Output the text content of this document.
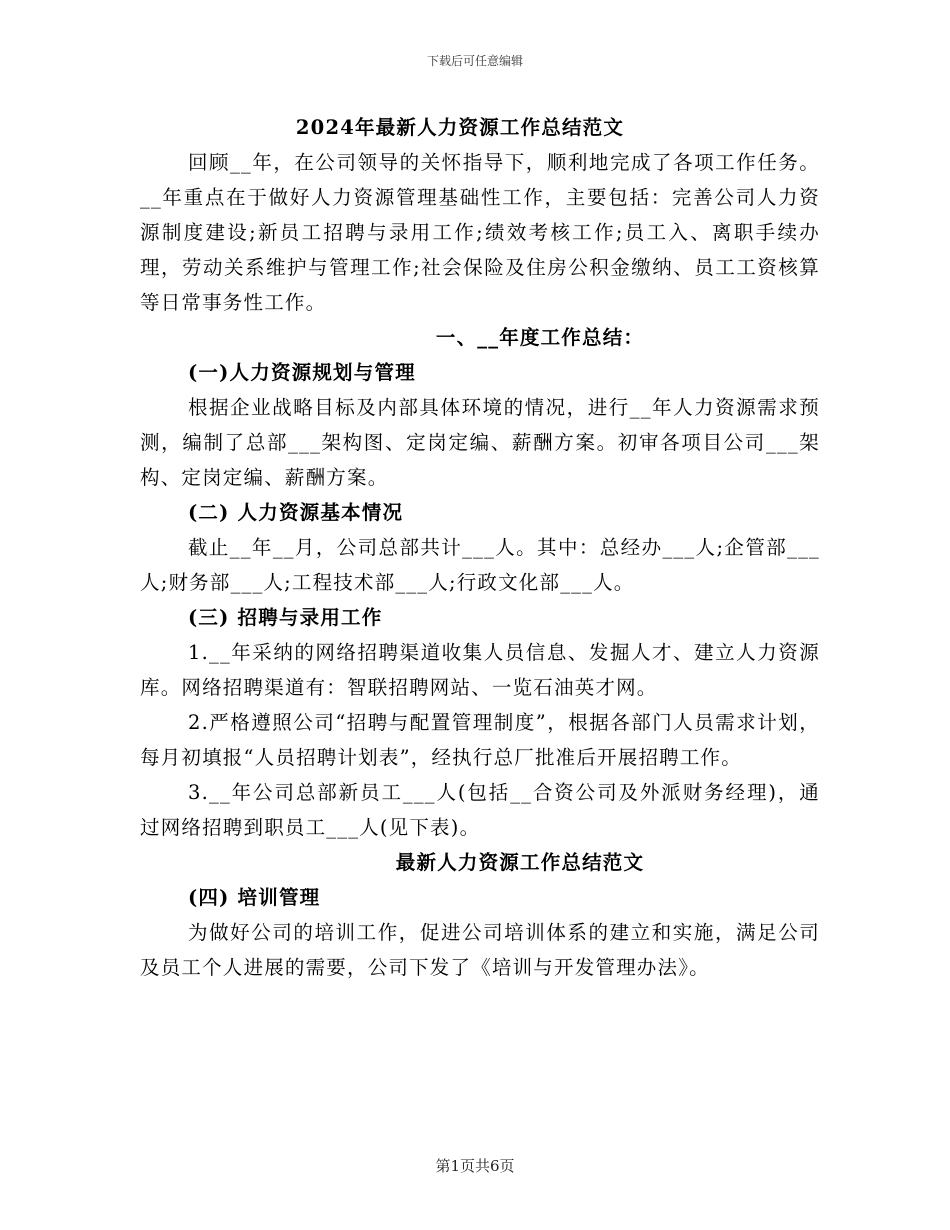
下载后可任意编辑
2024年最新人力资源工作总结范文

回顾__年，在公司领导的关怀指导下，顺利地完成了各项工作任务。__年重点在于做好人力资源管理基础性工作，主要包括：完善公司人力资源制度建设;新员工招聘与录用工作;绩效考核工作;员工入、离职手续办理，劳动关系维护与管理工作;社会保险及住房公积金缴纳、员工工资核算等日常事务性工作。

一、__年度工作总结：
(一)人力资源规划与管理

根据企业战略目标及内部具体环境的情况，进行__年人力资源需求预测，编制了总部___架构图、定岗定编、薪酬方案。初审各项目公司___架构、定岗定编、薪酬方案。

(二) 人力资源基本情况

截止__年__月，公司总部共计___人。其中：总经办___人;企管部___人;财务部___人;工程技术部___人;行政文化部___人。

(三) 招聘与录用工作

1.__年采纳的网络招聘渠道收集人员信息、发掘人才、建立人力资源库。网络招聘渠道有：智联招聘网站、一览石油英才网。

2.严格遵照公司“招聘与配置管理制度”，根据各部门人员需求计划，每月初填报“人员招聘计划表”，经执行总厂批准后开展招聘工作。

3.__年公司总部新员工___人(包括__合资公司及外派财务经理)，通过网络招聘到职员工___人(见下表)。

最新人力资源工作总结范文
(四) 培训管理

为做好公司的培训工作，促进公司培训体系的建立和实施，满足公司及员工个人进展的需要，公司下发了《培训与开发管理办法》。

第1页共6页
